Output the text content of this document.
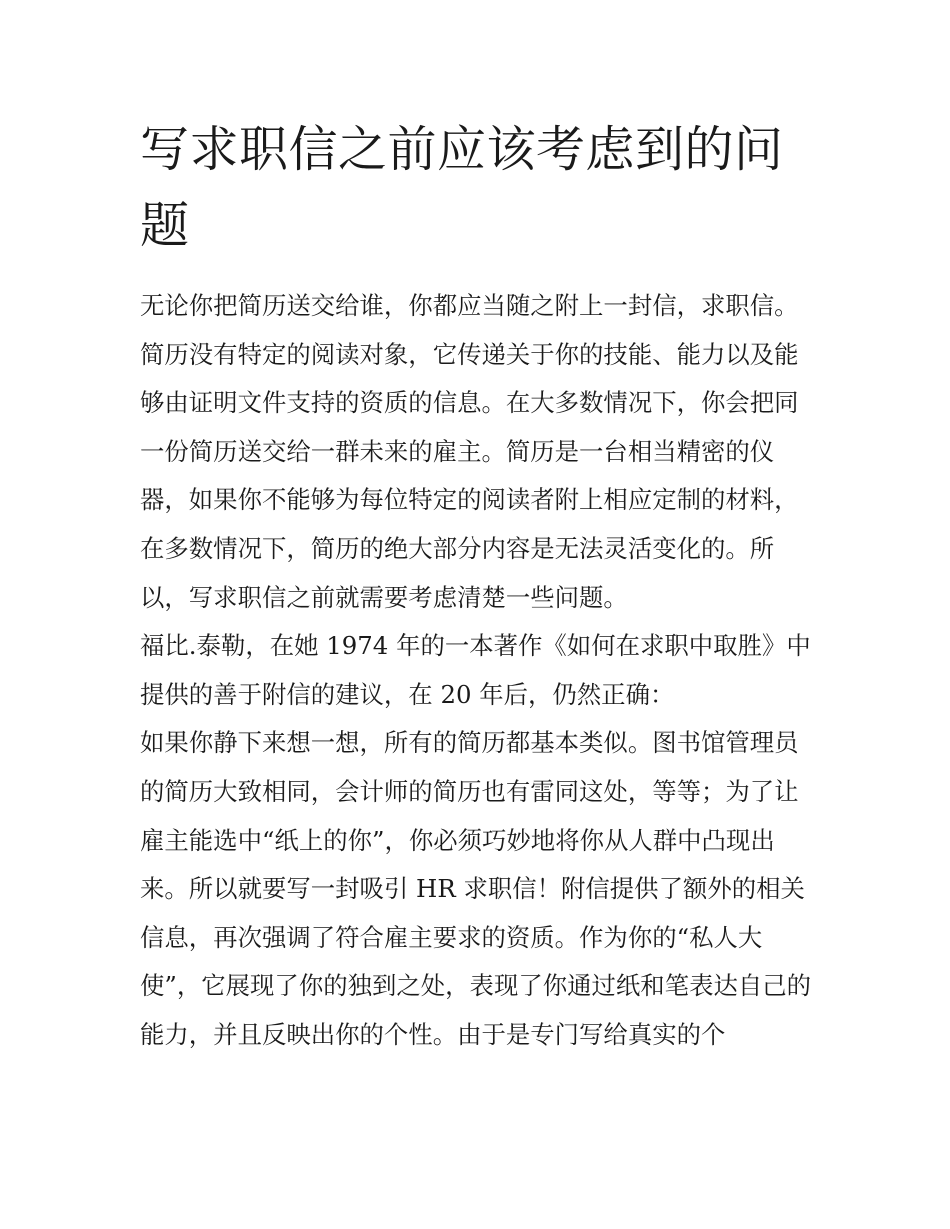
写求职信之前应该考虑到的问题

无论你把简历送交给谁，你都应当随之附上一封信，求职信。简历没有特定的阅读对象，它传递关于你的技能、能力以及能够由证明文件支持的资质的信息。在大多数情况下，你会把同一份简历送交给一群未来的雇主。简历是一台相当精密的仪器，如果你不能够为每位特定的阅读者附上相应定制的材料，在多数情况下，简历的绝大部分内容是无法灵活变化的。所以，写求职信之前就需要考虑清楚一些问题。

福比.泰勒，在她 1974 年的一本著作《如何在求职中取胜》中提供的善于附信的建议，在 20 年后，仍然正确：

如果你静下来想一想，所有的简历都基本类似。图书馆管理员的简历大致相同，会计师的简历也有雷同这处，等等；为了让雇主能选中“纸上的你”，你必须巧妙地将你从人群中凸现出来。所以就要写一封吸引 HR 求职信！附信提供了额外的相关信息，再次强调了符合雇主要求的资质。作为你的“私人大使”，它展现了你的独到之处，表现了你通过纸和笔表达自己的能力，并且反映出你的个性。由于是专门写给真实的个
